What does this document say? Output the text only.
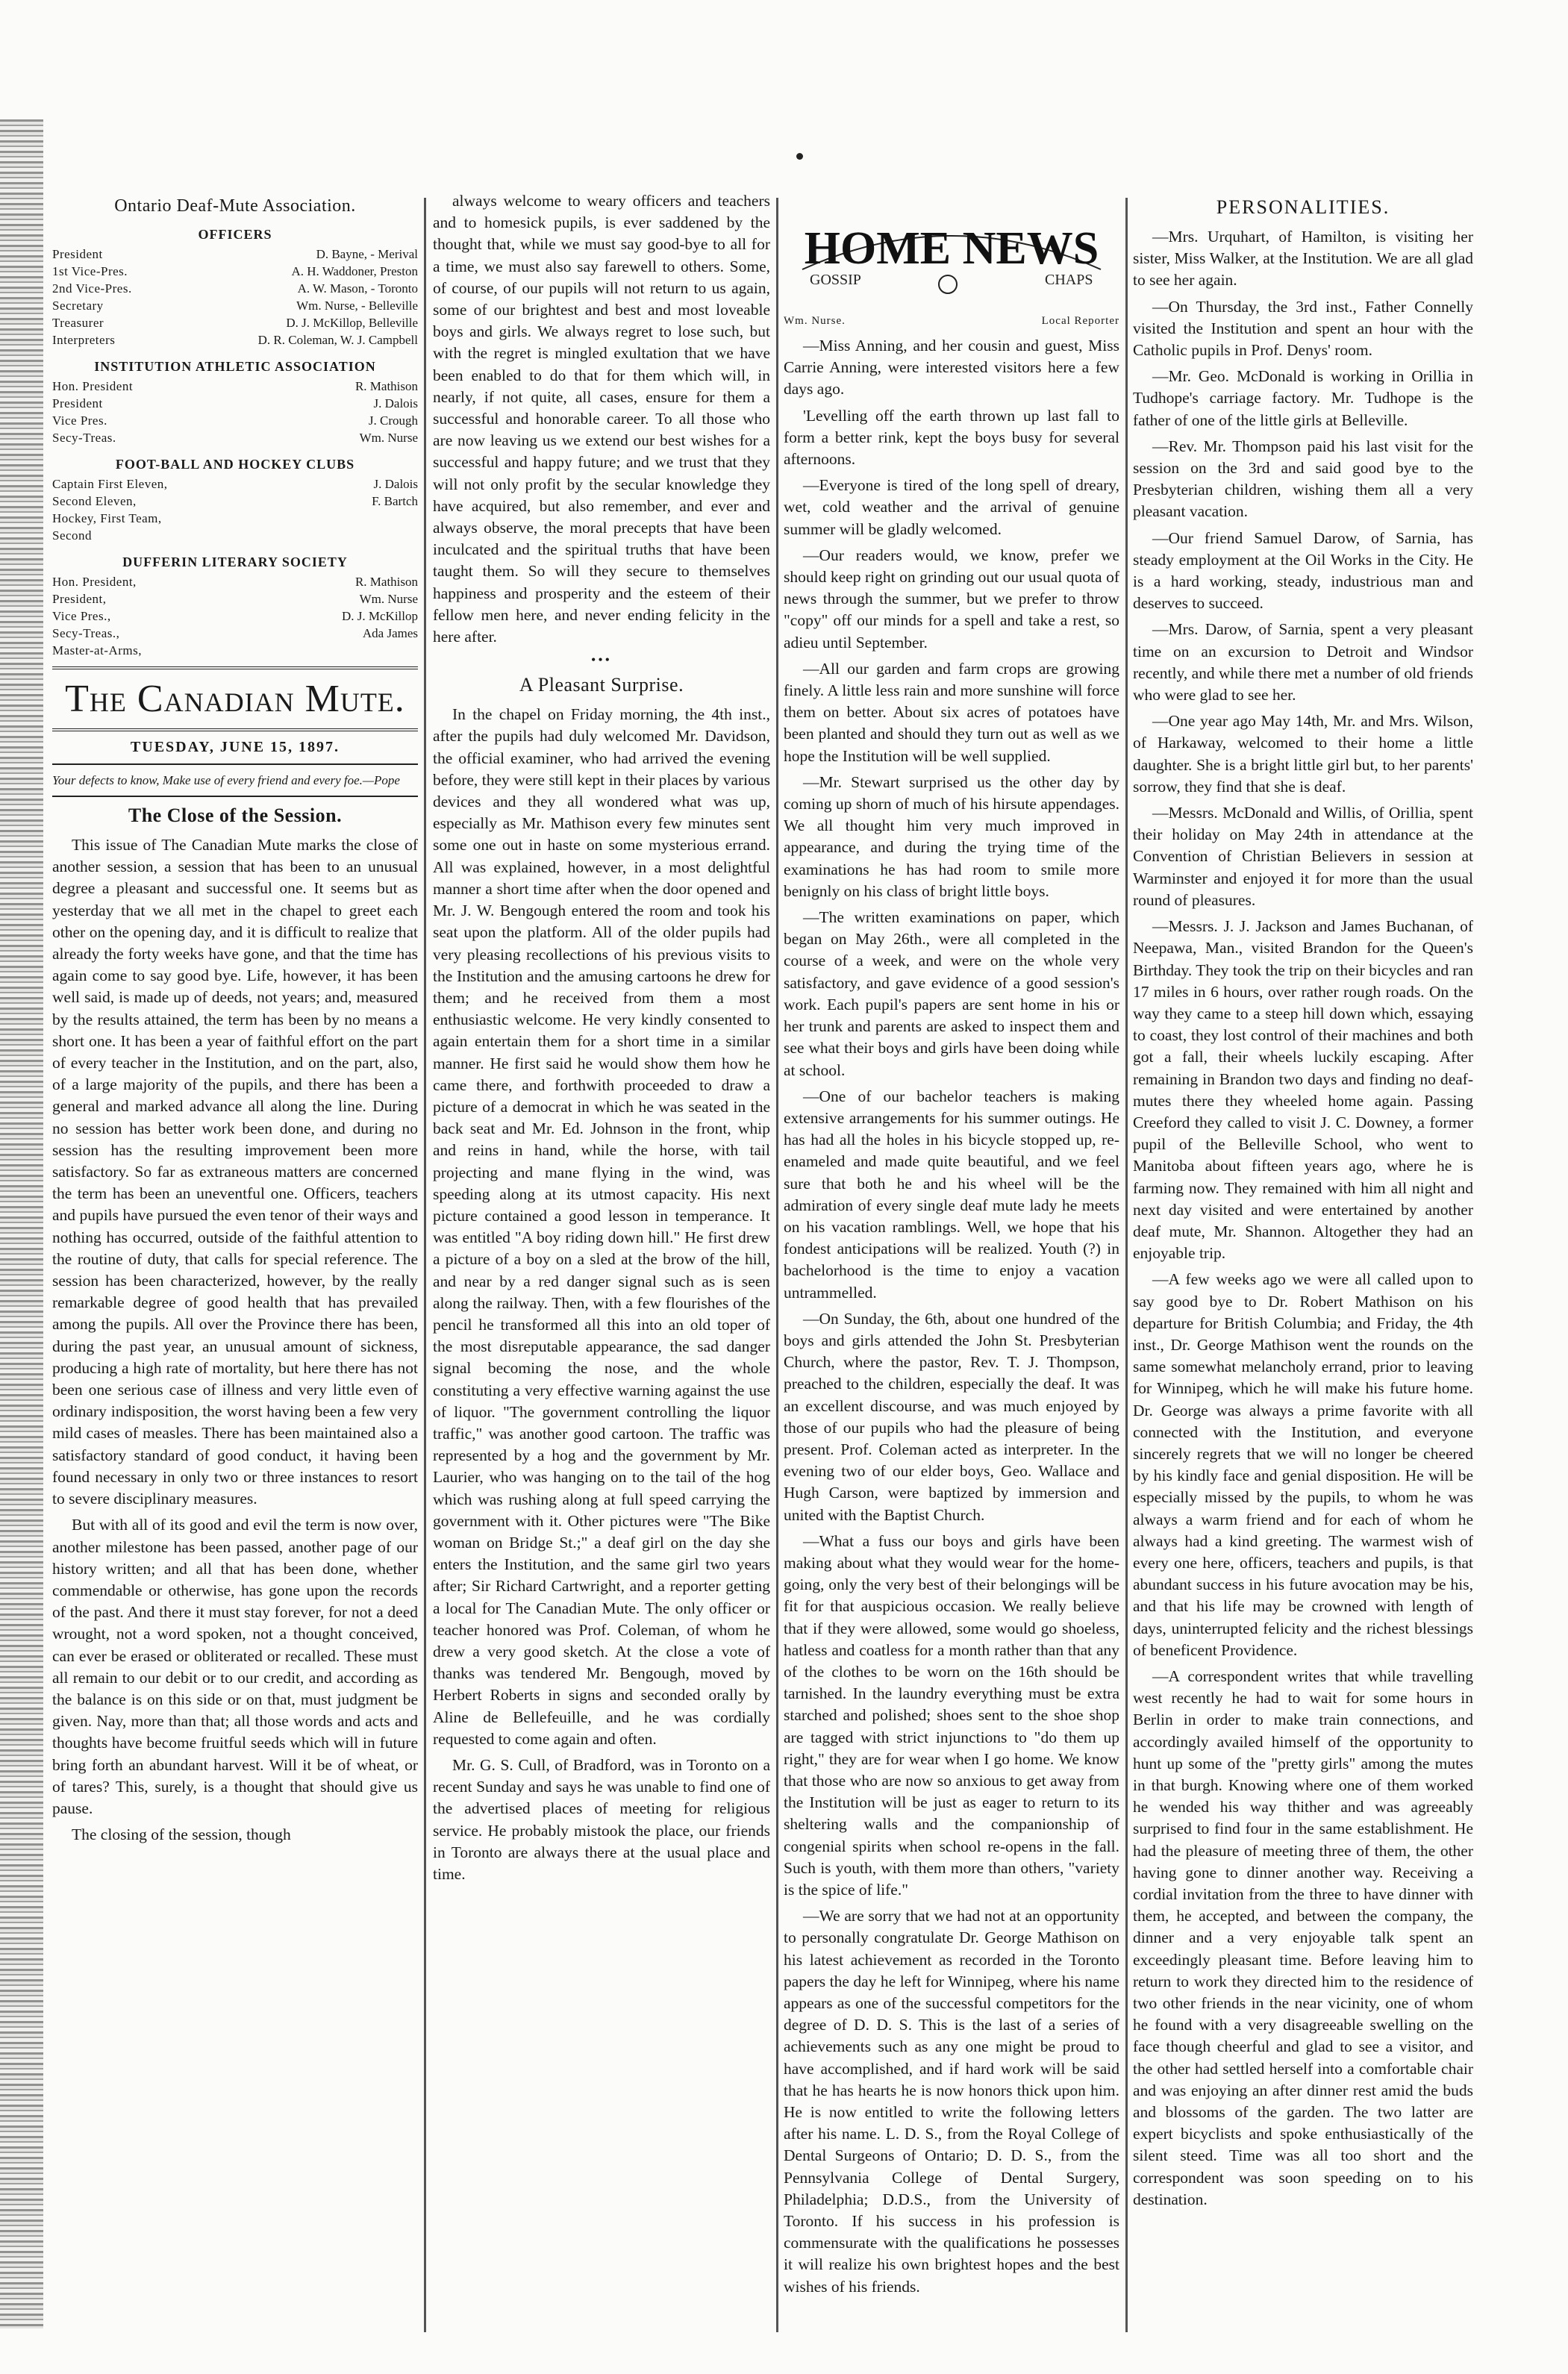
Ontario Deaf-Mute Association.
OFFICERS
President	D. Bayne, - Merival
1st Vice-Pres.	A. H. Waddoner, Preston
2nd Vice-Pres.	A. W. Mason, - Toronto
Secretary	Wm. Nurse, - Belleville
Treasurer	D. J. McKillop, Belleville
Interpreters	D. R. Coleman, W. J. Campbell
INSTITUTION ATHLETIC ASSOCIATION
Hon. President	R. Mathison
President	J. Dalois
Vice Pres.	J. Crough
Secy-Treas.	Wm. Nurse
FOOT-BALL AND HOCKEY CLUBS
Captain First Eleven,	J. Dalois
Second Eleven,	F. Bartch
Hockey, First Team,
Second
DUFFERIN LITERARY SOCIETY
Hon. President,	R. Mathison
President,	Wm. Nurse
Vice Pres.,	D. J. McKillop
Secy-Treas.,	Ada James
Master-at-Arms,
The Canadian Mute.
TUESDAY, JUNE 15, 1897.
Your defects to know, Make use of every friend and every foe.—Pope
The Close of the Session.

This issue of The Canadian Mute marks the close of another session, a session that has been to an unusual degree a pleasant and successful one. It seems but as yesterday that we all met in the chapel to greet each other on the opening day, and it is difficult to realize that already the forty weeks have gone, and that the time has again come to say good bye. Life, however, it has been well said, is made up of deeds, not years; and, measured by the results attained, the term has been by no means a short one. It has been a year of faithful effort on the part of every teacher in the Institution, and on the part, also, of a large majority of the pupils, and there has been a general and marked advance all along the line. During no session has better work been done, and during no session has the resulting improvement been more satisfactory. So far as extraneous matters are concerned the term has been an uneventful one. Officers, teachers and pupils have pursued the even tenor of their ways and nothing has occurred, outside of the faithful attention to the routine of duty, that calls for special reference. The session has been characterized, however, by the really remarkable degree of good health that has prevailed among the pupils. All over the Province there has been, during the past year, an unusual amount of sickness, producing a high rate of mortality, but here there has not been one serious case of illness and very little even of ordinary indisposition, the worst having been a few very mild cases of measles. There has been maintained also a satisfactory standard of good conduct, it having been found necessary in only two or three instances to resort to severe disciplinary measures.

But with all of its good and evil the term is now over, another milestone has been passed, another page of our history written; and all that has been done, whether commendable or otherwise, has gone upon the records of the past. And there it must stay forever, for not a deed wrought, not a word spoken, not a thought conceived, can ever be erased or obliterated or recalled. These must all remain to our debit or to our credit, and according as the balance is on this side or on that, must judgment be given. Nay, more than that; all those words and acts and thoughts have become fruitful seeds which will in future bring forth an abundant harvest. Will it be of wheat, or of tares? This, surely, is a thought that should give us pause.

The closing of the session, though

always welcome to weary officers and teachers and to homesick pupils, is ever saddened by the thought that, while we must say good-bye to all for a time, we must also say farewell to others. Some, of course, of our pupils will not return to us again, some of our brightest and best and most loveable boys and girls. We always regret to lose such, but with the regret is mingled exultation that we have been enabled to do that for them which will, in nearly, if not quite, all cases, ensure for them a successful and honorable career. To all those who are now leaving us we extend our best wishes for a successful and happy future; and we trust that they will not only profit by the secular knowledge they have acquired, but also remember, and ever and always observe, the moral precepts that have been inculcated and the spiritual truths that have been taught them. So will they secure to themselves happiness and prosperity and the esteem of their fellow men here, and never ending felicity in the here after.

•••
A Pleasant Surprise.

In the chapel on Friday morning, the 4th inst., after the pupils had duly welcomed Mr. Davidson, the official examiner, who had arrived the evening before, they were still kept in their places by various devices and they all wondered what was up, especially as Mr. Mathison every few minutes sent some one out in haste on some mysterious errand. All was explained, however, in a most delightful manner a short time after when the door opened and Mr. J. W. Bengough entered the room and took his seat upon the platform. All of the older pupils had very pleasing recollections of his previous visits to the Institution and the amusing cartoons he drew for them; and he received from them a most enthusiastic welcome. He very kindly consented to again entertain them for a short time in a similar manner. He first said he would show them how he came there, and forthwith proceeded to draw a picture of a democrat in which he was seated in the back seat and Mr. Ed. Johnson in the front, whip and reins in hand, while the horse, with tail projecting and mane flying in the wind, was speeding along at its utmost capacity. His next picture contained a good lesson in temperance. It was entitled "A boy riding down hill." He first drew a picture of a boy on a sled at the brow of the hill, and near by a red danger signal such as is seen along the railway. Then, with a few flourishes of the pencil he transformed all this into an old toper of the most disreputable appearance, the sad danger signal becoming the nose, and the whole constituting a very effective warning against the use of liquor. "The government controlling the liquor traffic," was another good cartoon. The traffic was represented by a hog and the government by Mr. Laurier, who was hanging on to the tail of the hog which was rushing along at full speed carrying the government with it. Other pictures were "The Bike woman on Bridge St.;" a deaf girl on the day she enters the Institution, and the same girl two years after; Sir Richard Cartwright, and a reporter getting a local for The Canadian Mute. The only officer or teacher honored was Prof. Coleman, of whom he drew a very good sketch. At the close a vote of thanks was tendered Mr. Bengough, moved by Herbert Roberts in signs and seconded orally by Aline de Bellefeuille, and he was cordially requested to come again and often.

Mr. G. S. Cull, of Bradford, was in Toronto on a recent Sunday and says he was unable to find one of the advertised places of meeting for religious service. He probably mistook the place, our friends in Toronto are always there at the usual place and time.

GOSSIP	CHAPS
HOME NEWS
Wm. Nurse.	Local Reporter

—Miss Anning, and her cousin and guest, Miss Carrie Anning, were interested visitors here a few days ago.

'Levelling off the earth thrown up last fall to form a better rink, kept the boys busy for several afternoons.

—Everyone is tired of the long spell of dreary, wet, cold weather and the arrival of genuine summer will be gladly welcomed.

—Our readers would, we know, prefer we should keep right on grinding out our usual quota of news through the summer, but we prefer to throw "copy" off our minds for a spell and take a rest, so adieu until September.

—All our garden and farm crops are growing finely. A little less rain and more sunshine will force them on better. About six acres of potatoes have been planted and should they turn out as well as we hope the Institution will be well supplied.

—Mr. Stewart surprised us the other day by coming up shorn of much of his hirsute appendages. We all thought him very much improved in appearance, and during the trying time of the examinations he has had room to smile more benignly on his class of bright little boys.

—The written examinations on paper, which began on May 26th., were all completed in the course of a week, and were on the whole very satisfactory, and gave evidence of a good session's work. Each pupil's papers are sent home in his or her trunk and parents are asked to inspect them and see what their boys and girls have been doing while at school.

—One of our bachelor teachers is making extensive arrangements for his summer outings. He has had all the holes in his bicycle stopped up, re-enameled and made quite beautiful, and we feel sure that both he and his wheel will be the admiration of every single deaf mute lady he meets on his vacation ramblings. Well, we hope that his fondest anticipations will be realized. Youth (?) in bachelorhood is the time to enjoy a vacation untrammelled.

—On Sunday, the 6th, about one hundred of the boys and girls attended the John St. Presbyterian Church, where the pastor, Rev. T. J. Thompson, preached to the children, especially the deaf. It was an excellent discourse, and was much enjoyed by those of our pupils who had the pleasure of being present. Prof. Coleman acted as interpreter. In the evening two of our elder boys, Geo. Wallace and Hugh Carson, were baptized by immersion and united with the Baptist Church.

—What a fuss our boys and girls have been making about what they would wear for the home-going, only the very best of their belongings will be fit for that auspicious occasion. We really believe that if they were allowed, some would go shoeless, hatless and coatless for a month rather than that any of the clothes to be worn on the 16th should be tarnished. In the laundry everything must be extra starched and polished; shoes sent to the shoe shop are tagged with strict injunctions to "do them up right," they are for wear when I go home. We know that those who are now so anxious to get away from the Institution will be just as eager to return to its sheltering walls and the companionship of congenial spirits when school re-opens in the fall. Such is youth, with them more than others, "variety is the spice of life."

—We are sorry that we had not at an opportunity to personally congratulate Dr. George Mathison on his latest achievement as recorded in the Toronto papers the day he left for Winnipeg, where his name appears as one of the successful competitors for the degree of D. D. S. This is the last of a series of achievements such as any one might be proud to have accomplished, and if hard work will be said that he has hearts he is now honors thick upon him. He is now entitled to write the following letters after his name. L. D. S., from the Royal College of Dental Surgeons of Ontario; D. D. S., from the Pennsylvania College of Dental Surgery, Philadelphia; D.D.S., from the University of Toronto. If his success in his profession is commensurate with the qualifications he possesses it will realize his own brightest hopes and the best wishes of his friends.

PERSONALITIES.

—Mrs. Urquhart, of Hamilton, is visiting her sister, Miss Walker, at the Institution. We are all glad to see her again.

—On Thursday, the 3rd inst., Father Connelly visited the Institution and spent an hour with the Catholic pupils in Prof. Denys' room.

—Mr. Geo. McDonald is working in Orillia in Tudhope's carriage factory. Mr. Tudhope is the father of one of the little girls at Belleville.

—Rev. Mr. Thompson paid his last visit for the session on the 3rd and said good bye to the Presbyterian children, wishing them all a very pleasant vacation.

—Our friend Samuel Darow, of Sarnia, has steady employment at the Oil Works in the City. He is a hard working, steady, industrious man and deserves to succeed.

—Mrs. Darow, of Sarnia, spent a very pleasant time on an excursion to Detroit and Windsor recently, and while there met a number of old friends who were glad to see her.

—One year ago May 14th, Mr. and Mrs. Wilson, of Harkaway, welcomed to their home a little daughter. She is a bright little girl but, to her parents' sorrow, they find that she is deaf.

—Messrs. McDonald and Willis, of Orillia, spent their holiday on May 24th in attendance at the Convention of Christian Believers in session at Warminster and enjoyed it for more than the usual round of pleasures.

—Messrs. J. J. Jackson and James Buchanan, of Neepawa, Man., visited Brandon for the Queen's Birthday. They took the trip on their bicycles and ran 17 miles in 6 hours, over rather rough roads. On the way they came to a steep hill down which, essaying to coast, they lost control of their machines and both got a fall, their wheels luckily escaping. After remaining in Brandon two days and finding no deaf-mutes there they wheeled home again. Passing Creeford they called to visit J. C. Downey, a former pupil of the Belleville School, who went to Manitoba about fifteen years ago, where he is farming now. They remained with him all night and next day visited and were entertained by another deaf mute, Mr. Shannon. Altogether they had an enjoyable trip.

—A few weeks ago we were all called upon to say good bye to Dr. Robert Mathison on his departure for British Columbia; and Friday, the 4th inst., Dr. George Mathison went the rounds on the same somewhat melancholy errand, prior to leaving for Winnipeg, which he will make his future home. Dr. George was always a prime favorite with all connected with the Institution, and everyone sincerely regrets that we will no longer be cheered by his kindly face and genial disposition. He will be especially missed by the pupils, to whom he was always a warm friend and for each of whom he always had a kind greeting. The warmest wish of every one here, officers, teachers and pupils, is that abundant success in his future avocation may be his, and that his life may be crowned with length of days, uninterrupted felicity and the richest blessings of beneficent Providence.

—A correspondent writes that while travelling west recently he had to wait for some hours in Berlin in order to make train connections, and accordingly availed himself of the opportunity to hunt up some of the "pretty girls" among the mutes in that burgh. Knowing where one of them worked he wended his way thither and was agreeably surprised to find four in the same establishment. He had the pleasure of meeting three of them, the other having gone to dinner another way. Receiving a cordial invitation from the three to have dinner with them, he accepted, and between the company, the dinner and a very enjoyable talk spent an exceedingly pleasant time. Before leaving him to return to work they directed him to the residence of two other friends in the near vicinity, one of whom he found with a very disagreeable swelling on the face though cheerful and glad to see a visitor, and the other had settled herself into a comfortable chair and was enjoying an after dinner rest amid the buds and blossoms of the garden. The two latter are expert bicyclists and spoke enthusiastically of the silent steed. Time was all too short and the correspondent was soon speeding on to his destination.
